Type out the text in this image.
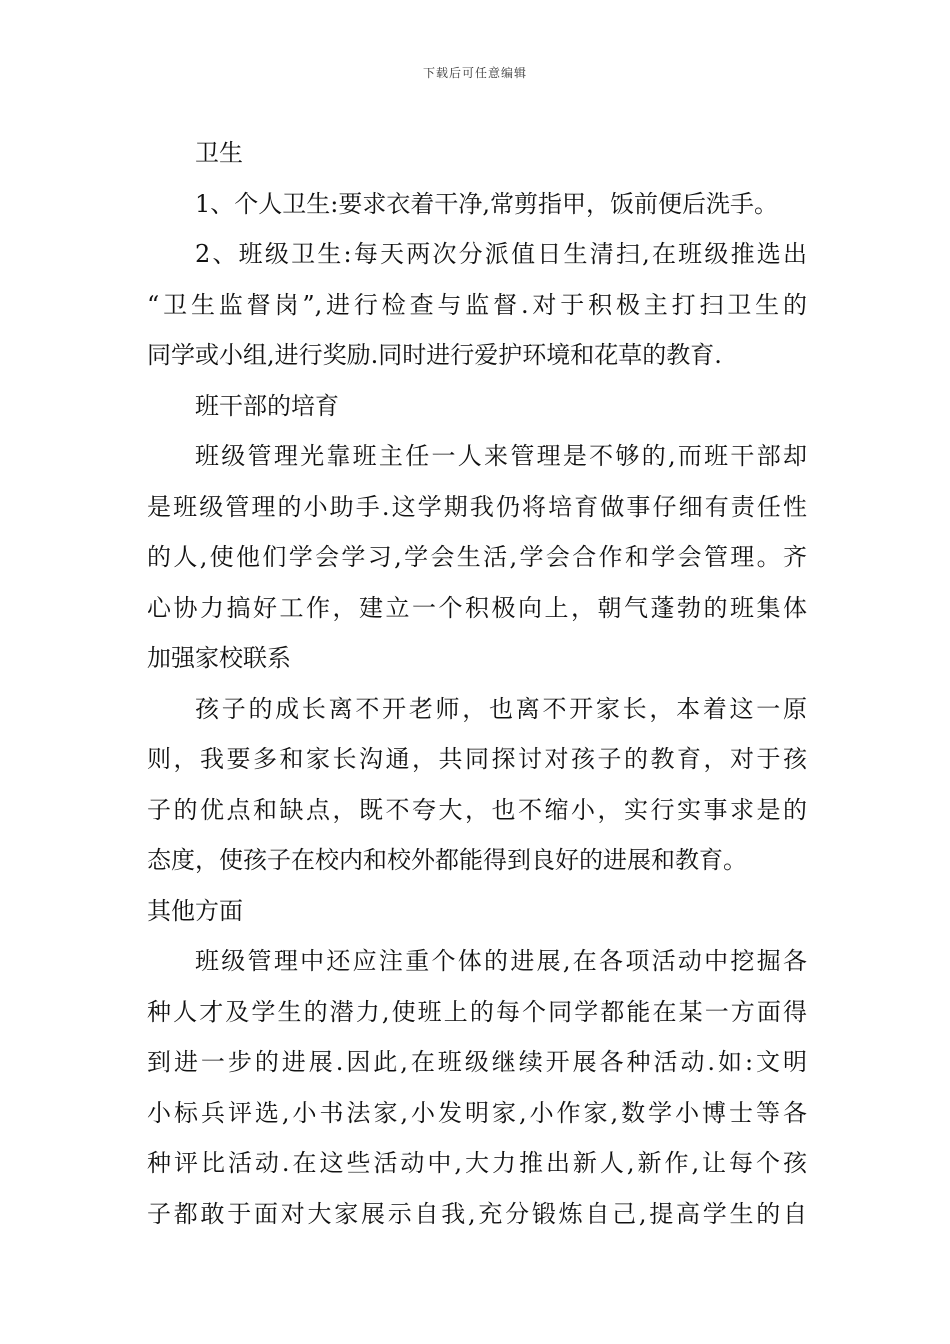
下载后可任意编辑
卫生
1、个人卫生:要求衣着干净,常剪指甲，饭前便后洗手。
2、班级卫生:每天两次分派值日生清扫,在班级推选出
“卫生监督岗”,进行检查与监督.对于积极主打扫卫生的
同学或小组,进行奖励.同时进行爱护环境和花草的教育.
班干部的培育
班级管理光靠班主任一人来管理是不够的,而班干部却
是班级管理的小助手.这学期我仍将培育做事仔细有责任性
的人,使他们学会学习,学会生活,学会合作和学会管理。齐
心协力搞好工作，建立一个积极向上，朝气蓬勃的班集体
加强家校联系
孩子的成长离不开老师，也离不开家长，本着这一原
则，我要多和家长沟通，共同探讨对孩子的教育，对于孩
子的优点和缺点，既不夸大，也不缩小，实行实事求是的
态度，使孩子在校内和校外都能得到良好的进展和教育。
其他方面
班级管理中还应注重个体的进展,在各项活动中挖掘各
种人才及学生的潜力,使班上的每个同学都能在某一方面得
到进一步的进展.因此,在班级继续开展各种活动.如:文明
小标兵评选,小书法家,小发明家,小作家,数学小博士等各
种评比活动.在这些活动中,大力推出新人,新作,让每个孩
子都敢于面对大家展示自我,充分锻炼自己,提高学生的自
